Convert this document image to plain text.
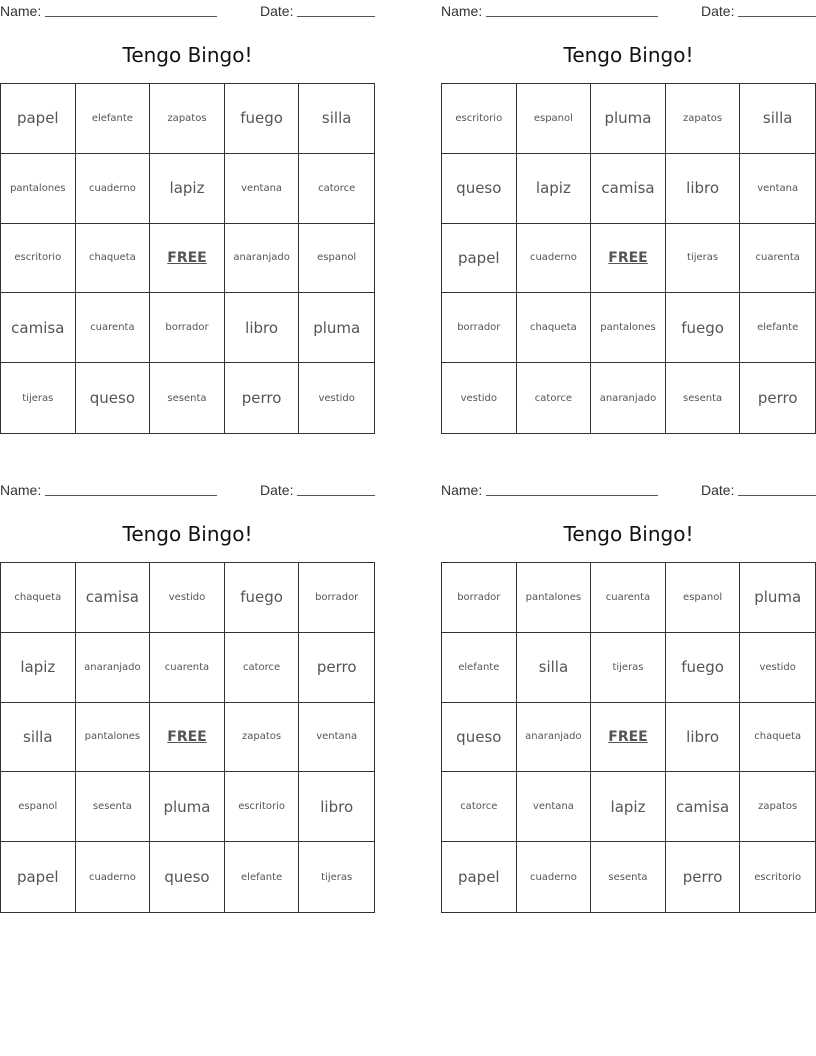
Name:	Date:
Tengo Bingo!
papel	elefante	zapatos	fuego	silla
pantalones	cuaderno	lapiz	ventana	catorce
escritorio	chaqueta	FREE	anaranjado	espanol
camisa	cuarenta	borrador	libro	pluma
tijeras	queso	sesenta	perro	vestido
Name:	Date:
Tengo Bingo!
escritorio	espanol	pluma	zapatos	silla
queso	lapiz	camisa	libro	ventana
papel	cuaderno	FREE	tijeras	cuarenta
borrador	chaqueta	pantalones	fuego	elefante
vestido	catorce	anaranjado	sesenta	perro
Name:	Date:
Tengo Bingo!
chaqueta	camisa	vestido	fuego	borrador
lapiz	anaranjado	cuarenta	catorce	perro
silla	pantalones	FREE	zapatos	ventana
espanol	sesenta	pluma	escritorio	libro
papel	cuaderno	queso	elefante	tijeras
Name:	Date:
Tengo Bingo!
borrador	pantalones	cuarenta	espanol	pluma
elefante	silla	tijeras	fuego	vestido
queso	anaranjado	FREE	libro	chaqueta
catorce	ventana	lapiz	camisa	zapatos
papel	cuaderno	sesenta	perro	escritorio
